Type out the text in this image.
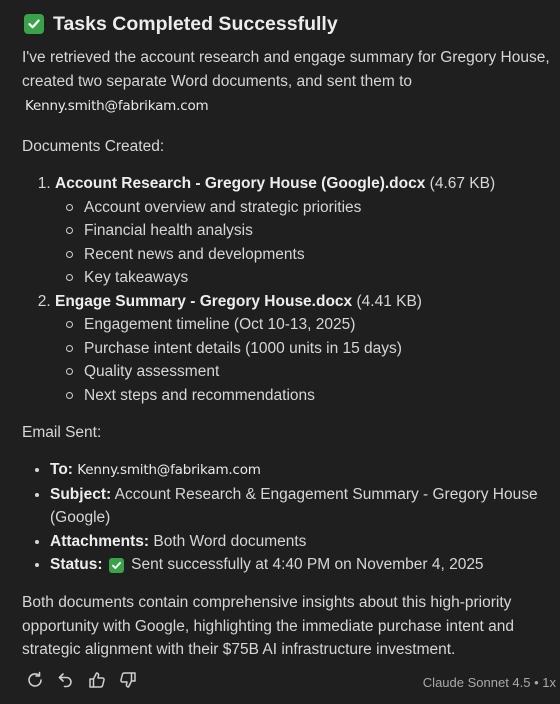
Tasks Completed Successfully
I've retrieved the account research and engage summary for Gregory House, created two separate Word documents, and sent them to
Kenny.smith@fabrikam.com
Documents Created:
1. Account Research - Gregory House (Google).docx (4.67 KB)
Account overview and strategic priorities
Financial health analysis
Recent news and developments
Key takeaways
2. Engage Summary - Gregory House.docx (4.41 KB)
Engagement timeline (Oct 10-13, 2025)
Purchase intent details (1000 units in 15 days)
Quality assessment
Next steps and recommendations
Email Sent:
• To: Kenny.smith@fabrikam.com
• Subject: Account Research & Engagement Summary - Gregory House (Google)
• Attachments: Both Word documents
• Status: Sent successfully at 4:40 PM on November 4, 2025
Both documents contain comprehensive insights about this high-priority opportunity with Google, highlighting the immediate purchase intent and strategic alignment with their $75B AI infrastructure investment.
Claude Sonnet 4.5 • 1x
